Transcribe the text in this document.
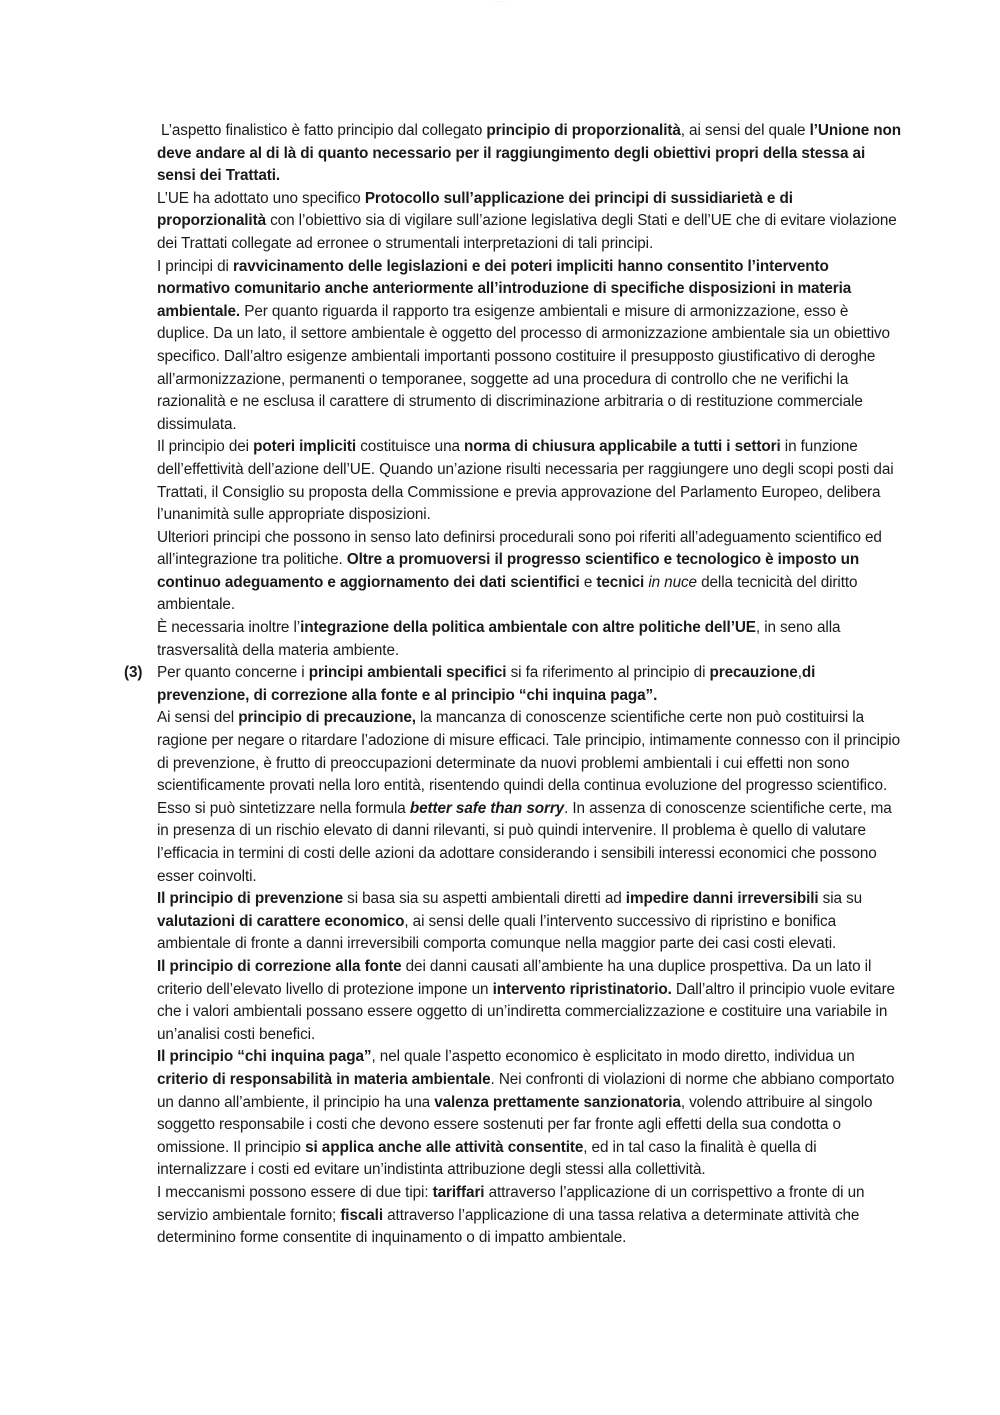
· · · · ·

L’aspetto finalistico è fatto principio dal collegato principio di proporzionalità, ai sensi del quale l’Unione non deve andare al di là di quanto necessario per il raggiungimento degli obiettivi propri della stessa ai sensi dei Trattati.

L’UE ha adottato uno specifico Protocollo sull’applicazione dei principi di sussidiarietà e di proporzionalità con l’obiettivo sia di vigilare sull’azione legislativa degli Stati e dell’UE che di evitare violazione dei Trattati collegate ad erronee o strumentali interpretazioni di tali principi.

I principi di ravvicinamento delle legislazioni e dei poteri impliciti hanno consentito l’intervento normativo comunitario anche anteriormente all’introduzione di specifiche disposizioni in materia ambientale. Per quanto riguarda il rapporto tra esigenze ambientali e misure di armonizzazione, esso è duplice. Da un lato, il settore ambientale è oggetto del processo di armonizzazione ambientale sia un obiettivo specifico. Dall’altro esigenze ambientali importanti possono costituire il presupposto giustificativo di deroghe all’armonizzazione, permanenti o temporanee, soggette ad una procedura di controllo che ne verifichi la razionalità e ne esclusa il carattere di strumento di discriminazione arbitraria o di restituzione commerciale dissimulata.

Il principio dei poteri impliciti costituisce una norma di chiusura applicabile a tutti i settori in funzione dell’effettività dell’azione dell’UE. Quando un’azione risulti necessaria per raggiungere uno degli scopi posti dai Trattati, il Consiglio su proposta della Commissione e previa approvazione del Parlamento Europeo, delibera l’unanimità sulle appropriate disposizioni.

Ulteriori principi che possono in senso lato definirsi procedurali sono poi riferiti all’adeguamento scientifico ed all’integrazione tra politiche. Oltre a promuoversi il progresso scientifico e tecnologico è imposto un continuo adeguamento e aggiornamento dei dati scientifici e tecnici in nuce della tecnicità del diritto ambientale.

È necessaria inoltre l’integrazione della politica ambientale con altre politiche dell’UE, in seno alla trasversalità della materia ambiente.

(3) Per quanto concerne i principi ambientali specifici si fa riferimento al principio di precauzione,di prevenzione, di correzione alla fonte e al principio “chi inquina paga”.

Ai sensi del principio di precauzione, la mancanza di conoscenze scientifiche certe non può costituirsi la ragione per negare o ritardare l’adozione di misure efficaci. Tale principio, intimamente connesso con il principio di prevenzione, è frutto di preoccupazioni determinate da nuovi problemi ambientali i cui effetti non sono scientificamente provati nella loro entità, risentendo quindi della continua evoluzione del progresso scientifico. Esso si può sintetizzare nella formula better safe than sorry. In assenza di conoscenze scientifiche certe, ma in presenza di un rischio elevato di danni rilevanti, si può quindi intervenire. Il problema è quello di valutare l’efficacia in termini di costi delle azioni da adottare considerando i sensibili interessi economici che possono esser coinvolti.

Il principio di prevenzione si basa sia su aspetti ambientali diretti ad impedire danni irreversibili sia su valutazioni di carattere economico, ai sensi delle quali l’intervento successivo di ripristino e bonifica ambientale di fronte a danni irreversibili comporta comunque nella maggior parte dei casi costi elevati.

Il principio di correzione alla fonte dei danni causati all’ambiente ha una duplice prospettiva. Da un lato il criterio dell’elevato livello di protezione impone un intervento ripristinatorio. Dall’altro il principio vuole evitare che i valori ambientali possano essere oggetto di un’indiretta commercializzazione e costituire una variabile in un’analisi costi benefici.

Il principio “chi inquina paga”, nel quale l’aspetto economico è esplicitato in modo diretto, individua un criterio di responsabilità in materia ambientale. Nei confronti di violazioni di norme che abbiano comportato un danno all’ambiente, il principio ha una valenza prettamente sanzionatoria, volendo attribuire al singolo soggetto responsabile i costi che devono essere sostenuti per far fronte agli effetti della sua condotta o omissione. Il principio si applica anche alle attività consentite, ed in tal caso la finalità è quella di internalizzare i costi ed evitare un’indistinta attribuzione degli stessi alla collettività.

I meccanismi possono essere di due tipi: tariffari attraverso l’applicazione di un corrispettivo a fronte di un servizio ambientale fornito; fiscali attraverso l’applicazione di una tassa relativa a determinate attività che determinino forme consentite di inquinamento o di impatto ambientale.
